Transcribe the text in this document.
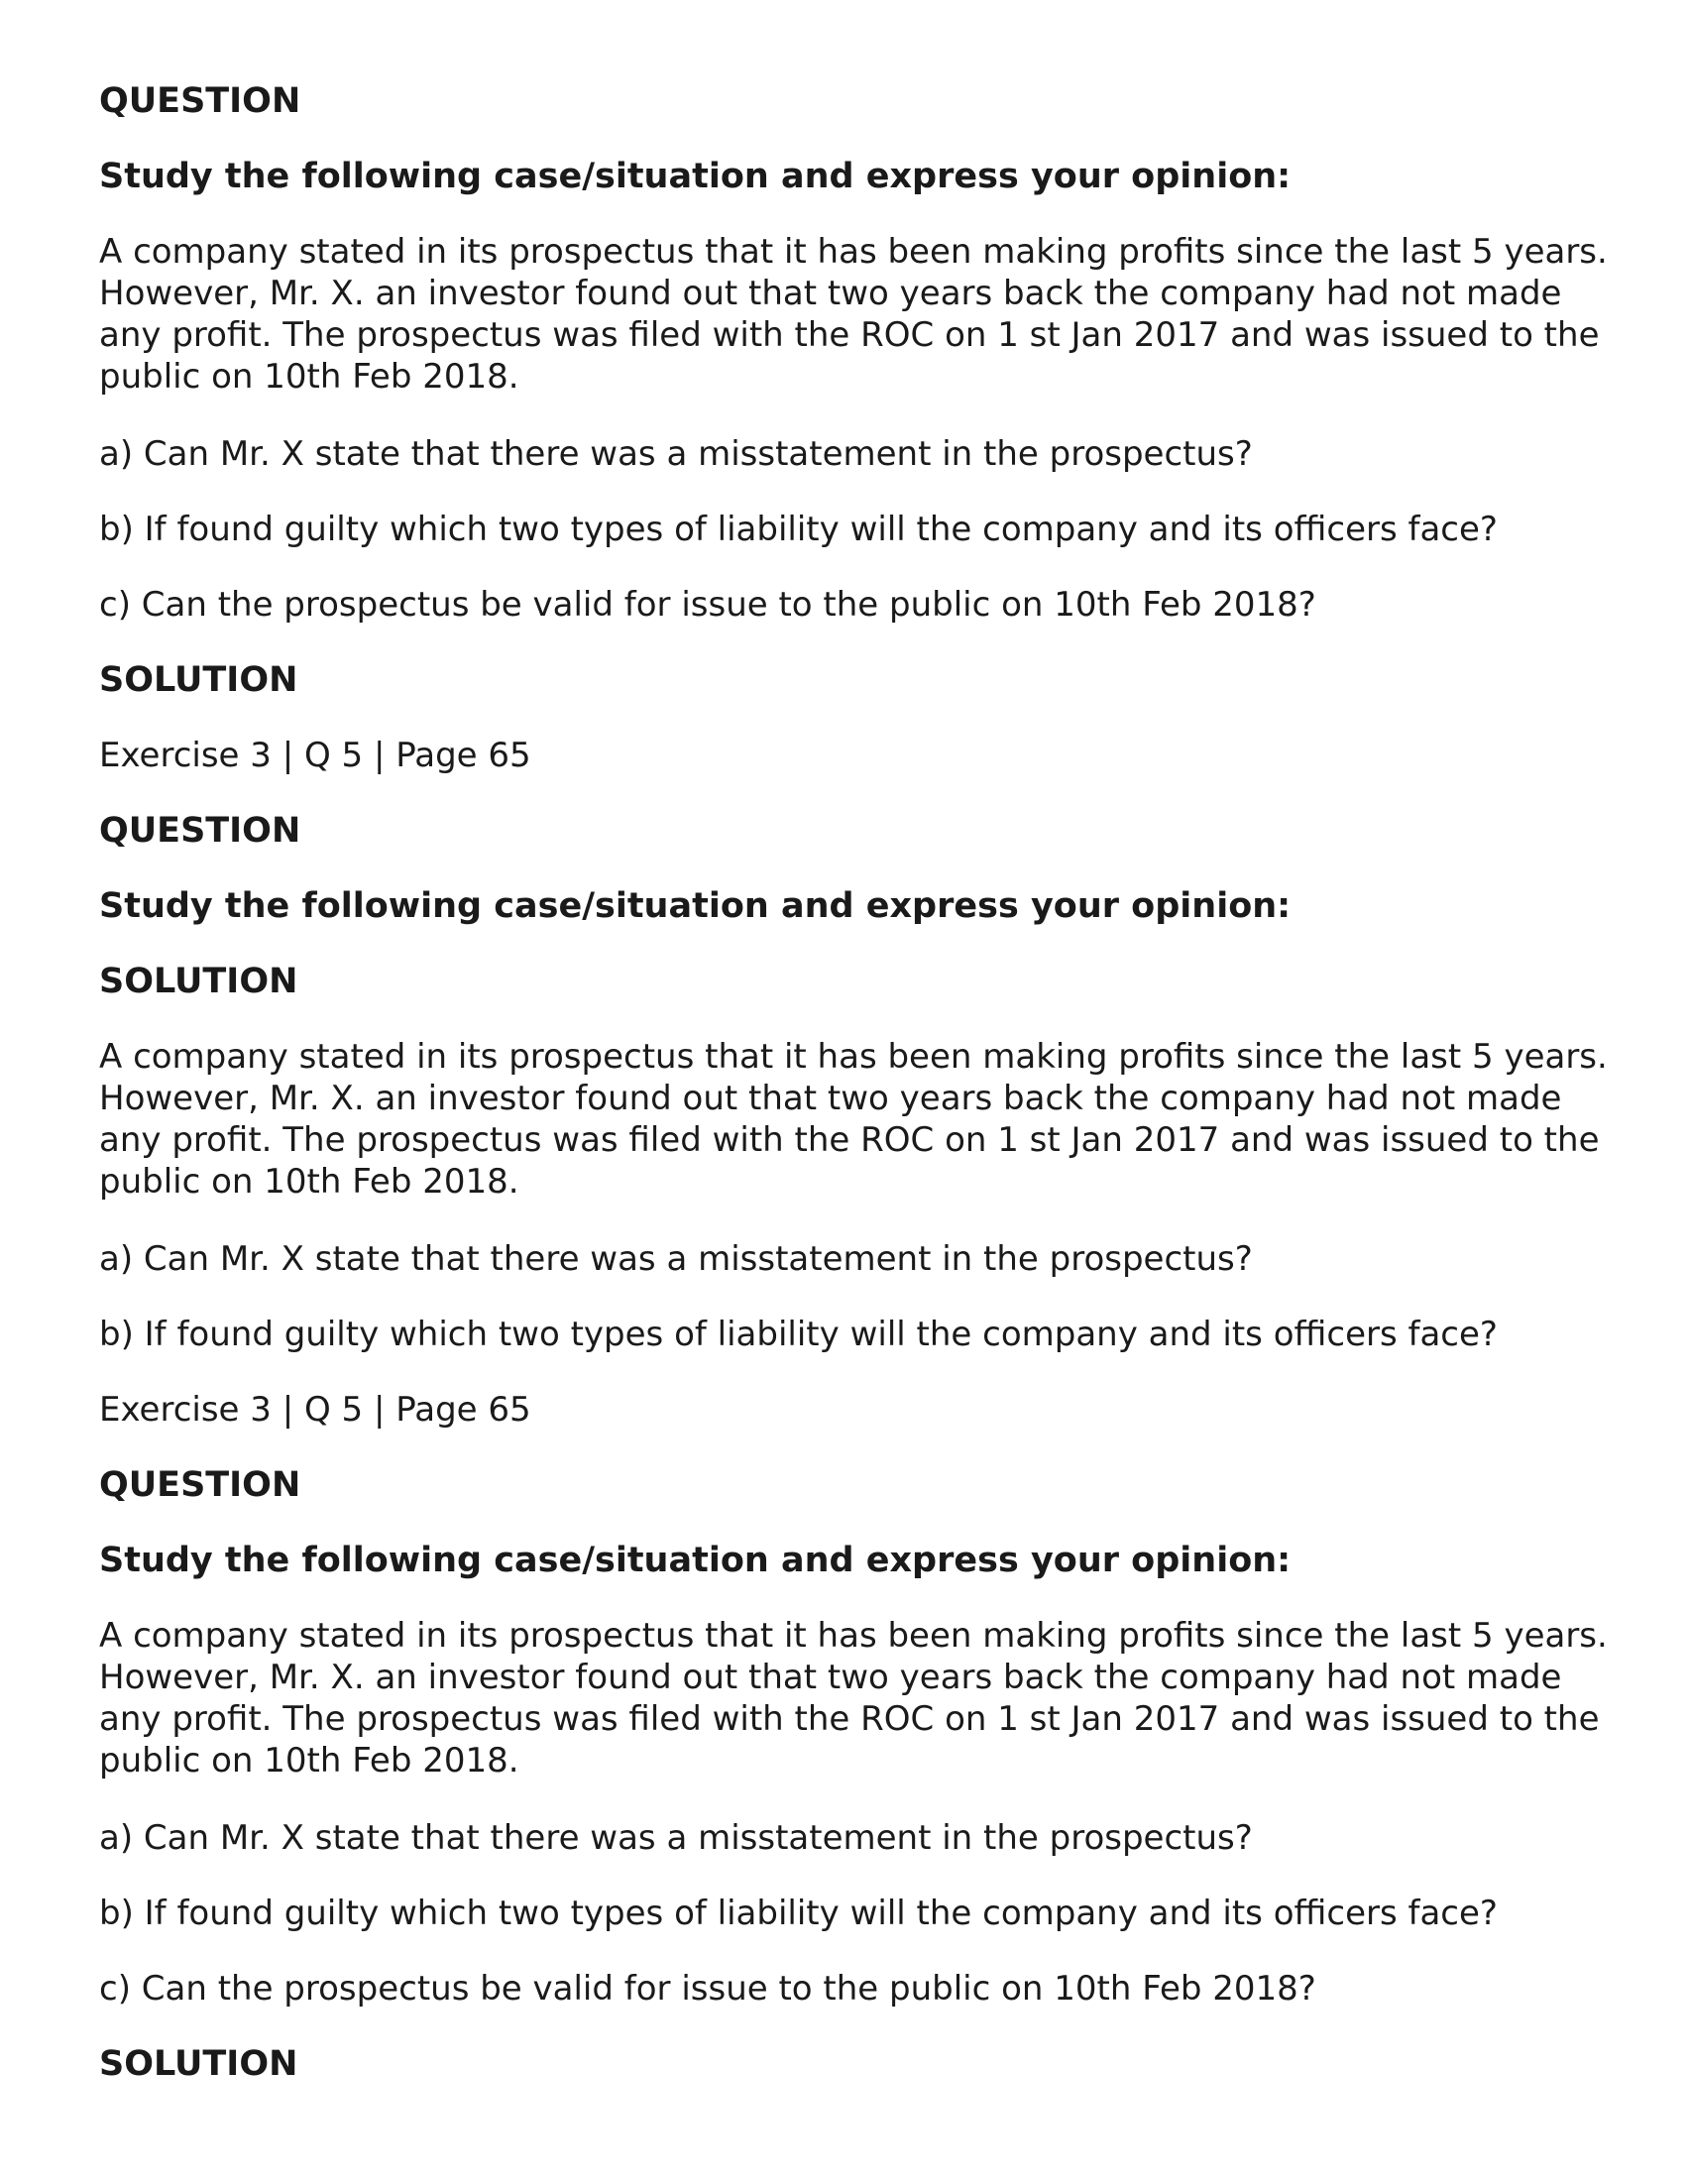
QUESTION
Study the following case/situation and express your opinion:
A company stated in its prospectus that it has been making profits since the last 5 years.
However, Mr. X. an investor found out that two years back the company had not made
any profit. The prospectus was filed with the ROC on 1 st Jan 2017 and was issued to the
public on 10th Feb 2018.
a) Can Mr. X state that there was a misstatement in the prospectus?
b) If found guilty which two types of liability will the company and its officers face?
c) Can the prospectus be valid for issue to the public on 10th Feb 2018?
SOLUTION
Exercise 3 | Q 5 | Page 65
QUESTION
Study the following case/situation and express your opinion:
SOLUTION
A company stated in its prospectus that it has been making profits since the last 5 years.
However, Mr. X. an investor found out that two years back the company had not made
any profit. The prospectus was filed with the ROC on 1 st Jan 2017 and was issued to the
public on 10th Feb 2018.
a) Can Mr. X state that there was a misstatement in the prospectus?
b) If found guilty which two types of liability will the company and its officers face?
Exercise 3 | Q 5 | Page 65
QUESTION
Study the following case/situation and express your opinion:
A company stated in its prospectus that it has been making profits since the last 5 years.
However, Mr. X. an investor found out that two years back the company had not made
any profit. The prospectus was filed with the ROC on 1 st Jan 2017 and was issued to the
public on 10th Feb 2018.
a) Can Mr. X state that there was a misstatement in the prospectus?
b) If found guilty which two types of liability will the company and its officers face?
c) Can the prospectus be valid for issue to the public on 10th Feb 2018?
SOLUTION
